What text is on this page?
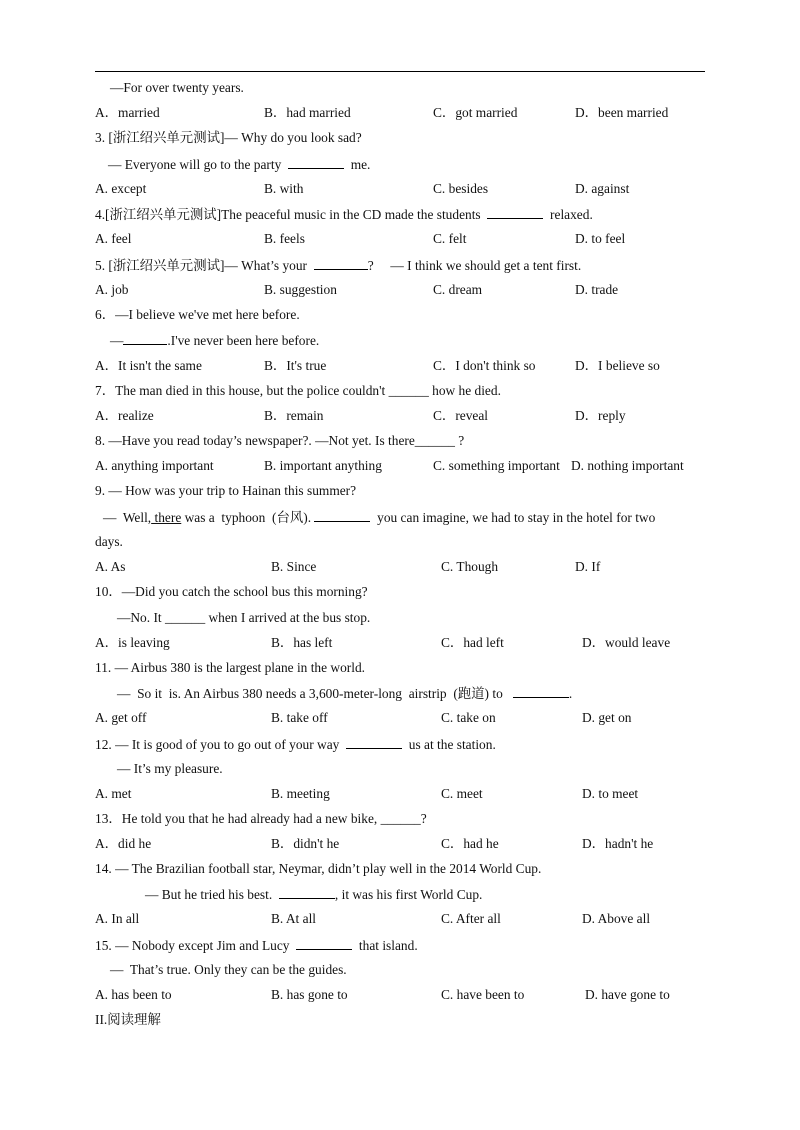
—For over twenty years.
A．married	B．had married	C．got married	D．been married
3. [浙江绍兴单元测试]— Why do you look sad?
— Everyone will go to the party	me.
A. except	B. with	C. besides	D. against
4.[浙江绍兴单元测试]The peaceful music in the CD made the students	relaxed.
A. feel	B. feels	C. felt	D. to feel
5. [浙江绍兴单元测试]— What’s your	? — I think we should get a tent first.
A. job	B. suggestion	C. dream	D. trade
6．—I believe we've met here before.
—	.I've never been here before.
A．It isn't the same	B．It's true	C．I don't think so	D．I believe so
7．The man died in this house, but the police couldn't ______ how he died.
A．realize	B．remain	C．reveal	D．reply
8. —Have you read today’s newspaper?. —Not yet. Is there______ ?
A. anything important	B. important anything	C. something important D. nothing important
9. — How was your trip to Hainan this summer?
—  Well, there was a  typhoon  (台风).	you can imagine, we had to stay in the hotel for two
days.
A. As	B. Since	C. Though	D. If
10．—Did you catch the school bus this morning?
—No. It ______ when I arrived at the bus stop.
A．is leaving	B．has left	C．had left	D．would leave
11. — Airbus 380 is the largest plane in the world.
—  So it  is. An Airbus 380 needs a 3,600-meter-long  airstrip  (跑道) to	.
A. get off	B. take off	C. take on	D. get on
12. — It is good of you to go out of your way	us at the station.
— It’s my pleasure.
A. met	B. meeting	C. meet	D. to meet
13．He told you that he had already had a new bike, ______?
A．did he	B．didn't he	C．had he	D．hadn't he
14. — The Brazilian football star, Neymar, didn’t play well in the 2014 World Cup.
— But he tried his best.	, it was his first World Cup.
A. In all	B. At all	C. After all	D. Above all
15. — Nobody except Jim and Lucy	that island.
—  That’s true. Only they can be the guides.
A. has been to	B. has gone to	C. have been to	D. have gone to
II.阅读理解
